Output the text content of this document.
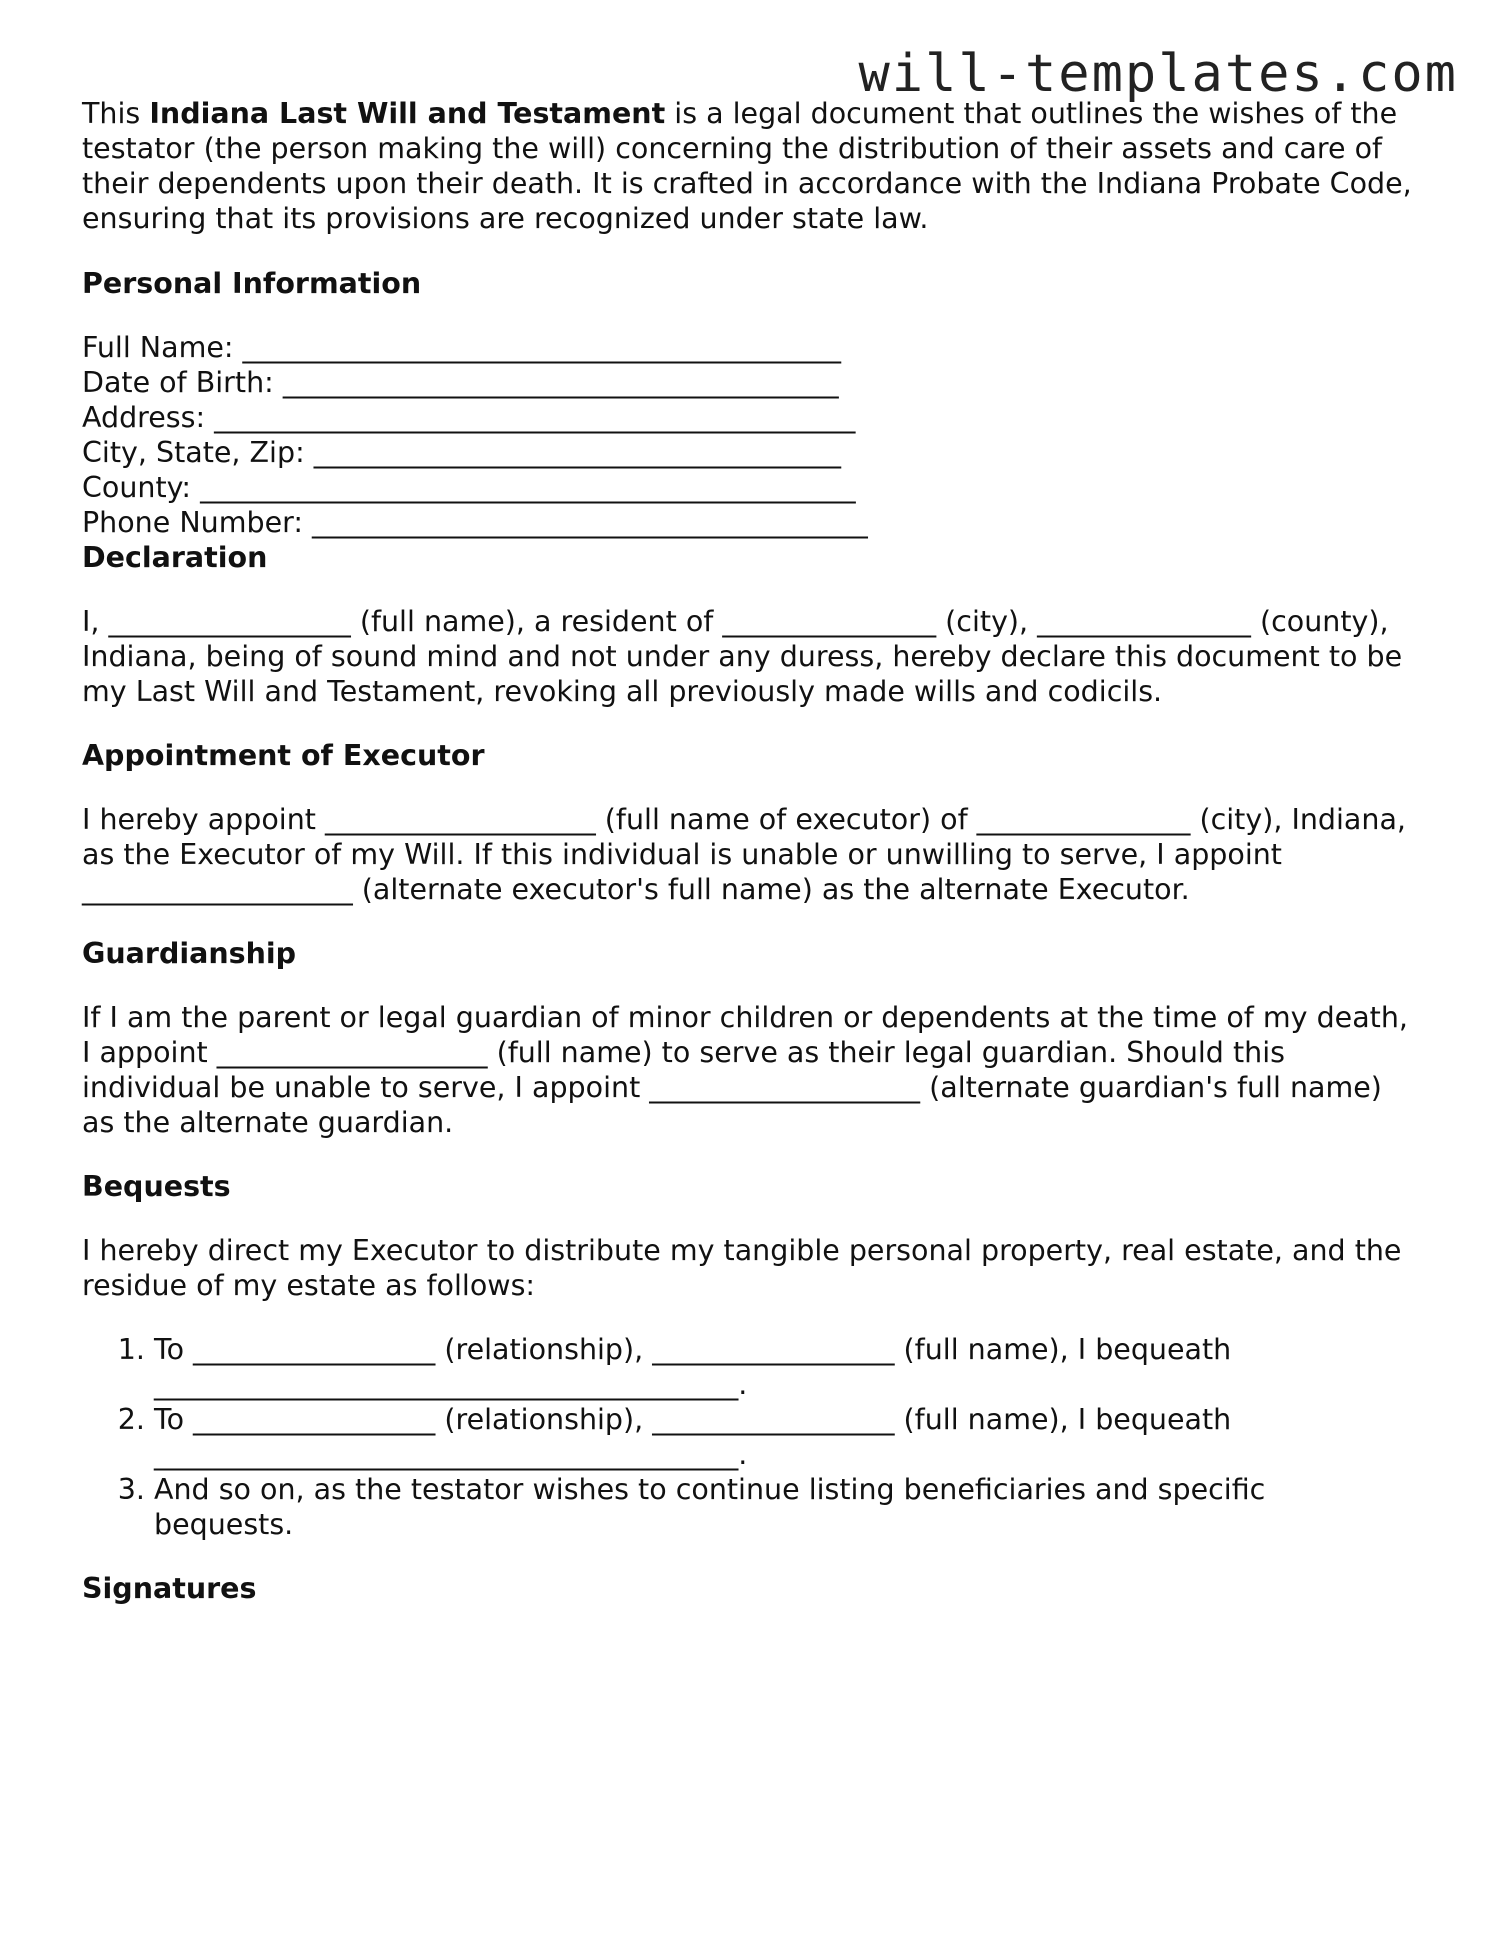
will-templates.com

This Indiana Last Will and Testament is a legal document that outlines the wishes of the testator (the person making the will) concerning the distribution of their assets and care of their dependents upon their death. It is crafted in accordance with the Indiana Probate Code, ensuring that its provisions are recognized under state law.

Personal Information

Full Name: __________________________________________

Date of Birth: _______________________________________

Address: _____________________________________________

City, State, Zip: _____________________________________

County: ______________________________________________

Phone Number: _______________________________________

Declaration

I, _________________ (full name), a resident of _______________ (city), _______________ (county), Indiana, being of sound mind and not under any duress, hereby declare this document to be my Last Will and Testament, revoking all previously made wills and codicils.

Appointment of Executor

I hereby appoint ___________________ (full name of executor) of _______________ (city), Indiana, as the Executor of my Will. If this individual is unable or unwilling to serve, I appoint ___________________ (alternate executor's full name) as the alternate Executor.

Guardianship

If I am the parent or legal guardian of minor children or dependents at the time of my death, I appoint ___________________ (full name) to serve as their legal guardian. Should this individual be unable to serve, I appoint ___________________ (alternate guardian's full name) as the alternate guardian.

Bequests

I hereby direct my Executor to distribute my tangible personal property, real estate, and the residue of my estate as follows:

1. To _________________ (relationship), _________________ (full name), I bequeath _________________________________________.
2. To _________________ (relationship), _________________ (full name), I bequeath _________________________________________.
3. And so on, as the testator wishes to continue listing beneficiaries and specific bequests.
Signatures
